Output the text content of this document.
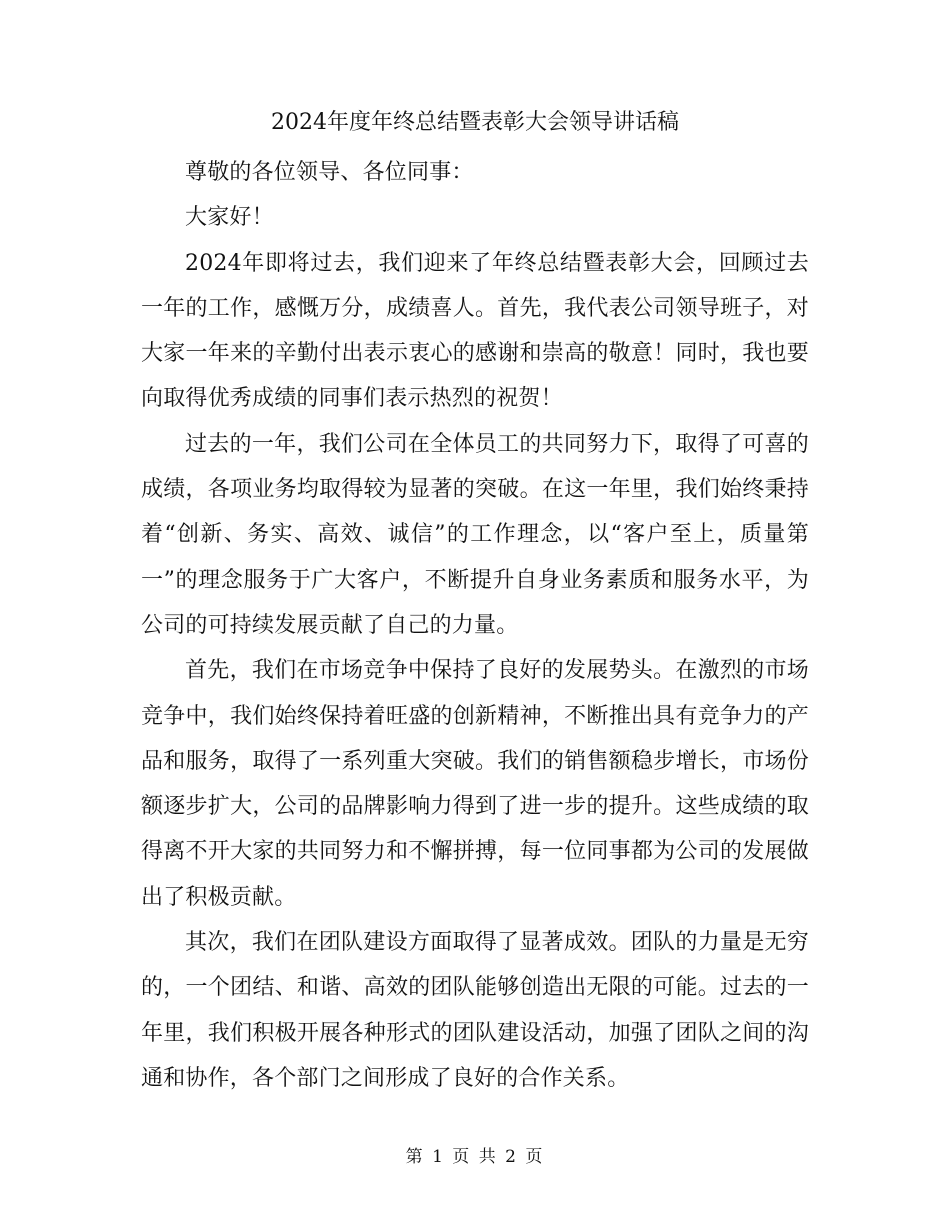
2024年度年终总结暨表彰大会领导讲话稿

尊敬的各位领导、各位同事：

大家好！

2024年即将过去，我们迎来了年终总结暨表彰大会，回顾过去一年的工作，感慨万分，成绩喜人。首先，我代表公司领导班子，对大家一年来的辛勤付出表示衷心的感谢和崇高的敬意！同时，我也要向取得优秀成绩的同事们表示热烈的祝贺！

过去的一年，我们公司在全体员工的共同努力下，取得了可喜的成绩，各项业务均取得较为显著的突破。在这一年里，我们始终秉持着“创新、务实、高效、诚信”的工作理念，以“客户至上，质量第一”的理念服务于广大客户，不断提升自身业务素质和服务水平，为公司的可持续发展贡献了自己的力量。

首先，我们在市场竞争中保持了良好的发展势头。在激烈的市场竞争中，我们始终保持着旺盛的创新精神，不断推出具有竞争力的产品和服务，取得了一系列重大突破。我们的销售额稳步增长，市场份额逐步扩大，公司的品牌影响力得到了进一步的提升。这些成绩的取得离不开大家的共同努力和不懈拼搏，每一位同事都为公司的发展做出了积极贡献。

其次，我们在团队建设方面取得了显著成效。团队的力量是无穷的，一个团结、和谐、高效的团队能够创造出无限的可能。过去的一年里，我们积极开展各种形式的团队建设活动，加强了团队之间的沟通和协作，各个部门之间形成了良好的合作关系。

第 1 页 共 2 页
